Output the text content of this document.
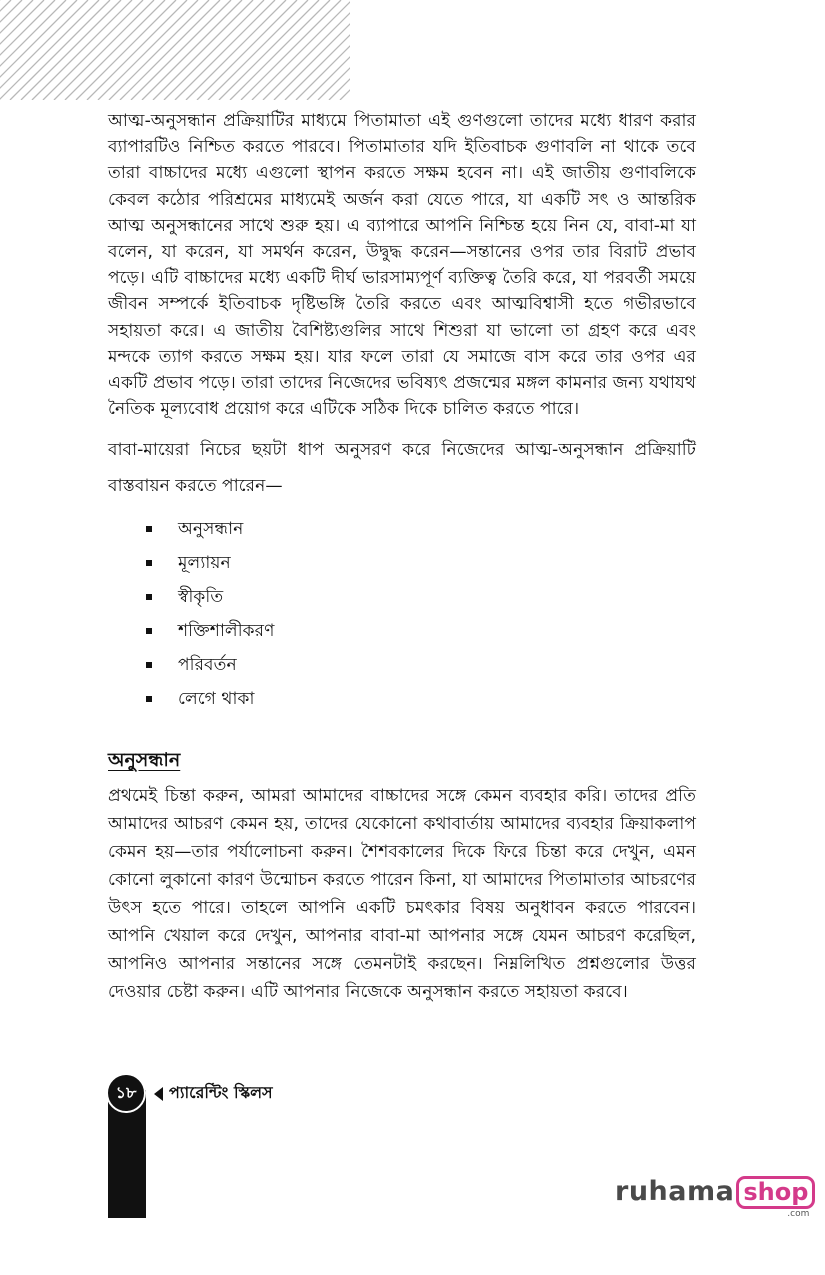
আত্ম-অনুসন্ধান প্রক্রিয়াটির মাধ্যমে পিতামাতা এই গুণগুলো তাদের মধ্যে ধারণ করার ব্যাপারটিও নিশ্চিত করতে পারবে। পিতামাতার যদি ইতিবাচক গুণাবলি না থাকে তবে তারা বাচ্চাদের মধ্যে এগুলো স্থাপন করতে সক্ষম হবেন না। এই জাতীয় গুণাবলিকে কেবল কঠোর পরিশ্রমের মাধ্যমেই অর্জন করা যেতে পারে, যা একটি সৎ ও আন্তরিক আত্ম অনুসন্ধানের সাথে শুরু হয়। এ ব্যাপারে আপনি নিশ্চিন্ত হয়ে নিন যে, বাবা-মা যা বলেন, যা করেন, যা সমর্থন করেন, উদ্বুদ্ধ করেন—সন্তানের ওপর তার বিরাট প্রভাব পড়ে। এটি বাচ্চাদের মধ্যে একটি দীর্ঘ ভারসাম্যপূর্ণ ব্যক্তিত্ব তৈরি করে, যা পরবর্তী সময়ে জীবন সম্পর্কে ইতিবাচক দৃষ্টিভঙ্গি তৈরি করতে এবং আত্মবিশ্বাসী হতে গভীরভাবে সহায়তা করে। এ জাতীয় বৈশিষ্ট্যগুলির সাথে শিশুরা যা ভালো তা গ্রহণ করে এবং মন্দকে ত্যাগ করতে সক্ষম হয়। যার ফলে তারা যে সমাজে বাস করে তার ওপর এর একটি প্রভাব পড়ে। তারা তাদের নিজেদের ভবিষ্যৎ প্রজন্মের মঙ্গল কামনার জন্য যথাযথ নৈতিক মূল্যবোধ প্রয়োগ করে এটিকে সঠিক দিকে চালিত করতে পারে।

বাবা-মায়েরা নিচের ছয়টা ধাপ অনুসরণ করে নিজেদের আত্ম-অনুসন্ধান প্রক্রিয়াটি বাস্তবায়ন করতে পারেন—

অনুসন্ধান
মূল্যায়ন
স্বীকৃতি
শক্তিশালীকরণ
পরিবর্তন
লেগে থাকা
অনুসন্ধান

প্রথমেই চিন্তা করুন, আমরা আমাদের বাচ্চাদের সঙ্গে কেমন ব্যবহার করি। তাদের প্রতি আমাদের আচরণ কেমন হয়, তাদের যেকোনো কথাবার্তায় আমাদের ব্যবহার ক্রিয়াকলাপ কেমন হয়—তার পর্যালোচনা করুন। শৈশবকালের দিকে ফিরে চিন্তা করে দেখুন, এমন কোনো লুকানো কারণ উন্মোচন করতে পারেন কিনা, যা আমাদের পিতামাতার আচরণের উৎস হতে পারে। তাহলে আপনি একটি চমৎকার বিষয় অনুধাবন করতে পারবেন। আপনি খেয়াল করে দেখুন, আপনার বাবা-মা আপনার সঙ্গে যেমন আচরণ করেছিল, আপনিও আপনার সন্তানের সঙ্গে তেমনটাই করছেন। নিম্নলিখিত প্রশ্নগুলোর উত্তর দেওয়ার চেষ্টা করুন। এটি আপনার নিজেকে অনুসন্ধান করতে সহায়তা করবে।

১৮	প্যারেন্টিং স্কিলস
ruhama shop
.com
